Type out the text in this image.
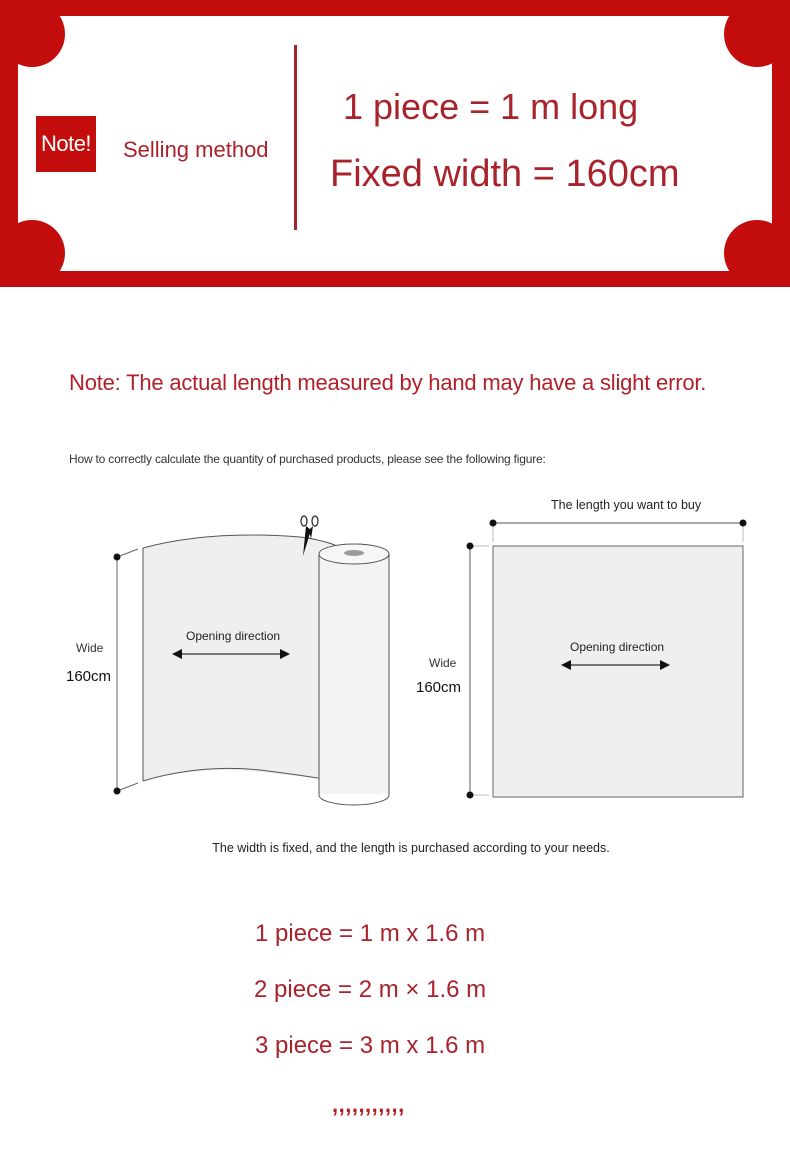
Note! Selling method
1 piece = 1 m long
Fixed width = 160cm
Note: The actual length measured by hand may have a slight error.
How to correctly calculate the quantity of purchased products, please see the following figure:
Wide
160cm
Opening direction
The length you want to buy
Wide
160cm
Opening direction
The width is fixed, and the length is purchased according to your needs.
1 piece = 1 m x 1.6 m
2 piece = 2 m × 1.6 m
3 piece = 3 m x 1.6 m
,,,,,,,,,,,
